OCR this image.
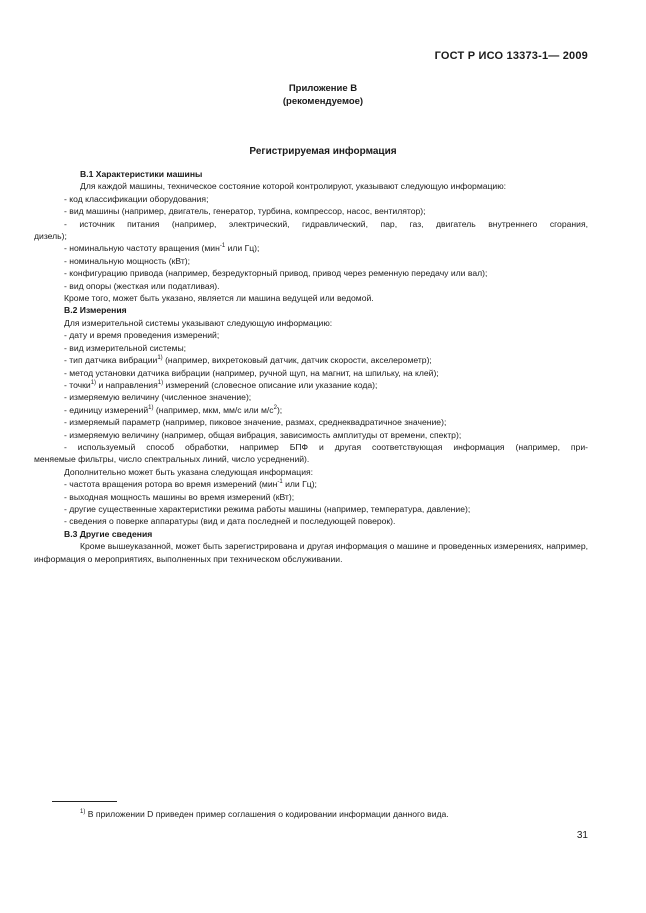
ГОСТ Р ИСО 13373-1— 2009
Приложение В
(рекомендуемое)
Регистрируемая информация
В.1 Характеристики машины
Для каждой машины, техническое состояние которой контролируют, указывают следующую информацию:
- код классификации оборудования;
- вид машины (например, двигатель, генератор, турбина, компрессор, насос, вентилятор);
- источник питания (например, электрический, гидравлический, пар, газ, двигатель внутреннего сгорания,
дизель);
- номинальную частоту вращения (мин$^{-1}$ или Гц);
- номинальную мощность (кВт);
- конфигурацию привода (например, безредукторный привод, привод через ременную передачу или вал);
- вид опоры (жесткая или податливая).
Кроме того, может быть указано, является ли машина ведущей или ведомой.
В.2 Измерения
Для измерительной системы указывают следующую информацию:
- дату и время проведения измерений;
- вид измерительной системы;
- тип датчика вибрации$^{1)}$ (например, вихретоковый датчик, датчик скорости, акселерометр);
- метод установки датчика вибрации (например, ручной щуп, на магнит, на шпильку, на клей);
- точки$^{1)}$ и направления$^{1)}$ измерений (словесное описание или указание кода);
- измеряемую величину (численное значение);
- единицу измерений$^{1)}$ (например, мкм, мм/с или $м/с^2$);
- измеряемый параметр (например, пиковое значение, размах, среднеквадратичное значение);
- измеряемую величину (например, общая вибрация, зависимость амплитуды от времени, спектр);
- используемый способ обработки, например БПФ и другая соответствующая информация (например, при-
меняемые фильтры, число спектральных линий, число усреднений).
Дополнительно может быть указана следующая информация:
- частота вращения ротора во время измерений (мин$^{-1}$ или Гц);
- выходная мощность машины во время измерений (кВт);
- другие существенные характеристики режима работы машины (например, температура, давление);
- сведения о поверке аппаратуры (вид и дата последней и последующей поверок).
В.3 Другие сведения
Кроме вышеуказанной, может быть зарегистрирована и другая информация о машине и проведенных измерениях, например, информация о мероприятиях, выполненных при техническом обслуживании.
$^{1)}$ В приложении D приведен пример соглашения о кодировании информации данного вида.
31
